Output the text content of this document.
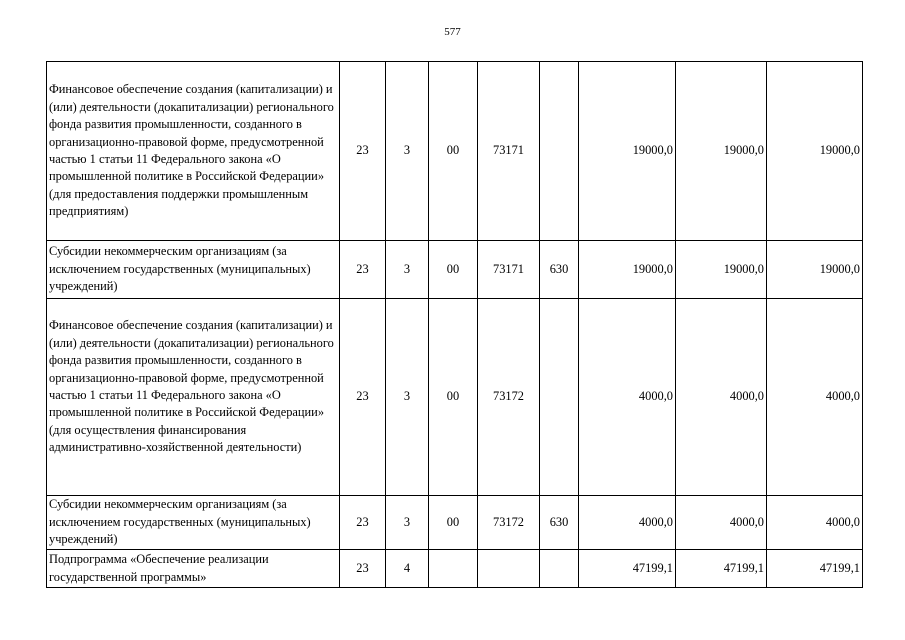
577
Финансовое обеспечение создания (капитализации) и (или) деятельности (докапитализации) регионального фонда развития промышленности, созданного в организационно-правовой форме, предусмотренной частью 1 статьи 11 Федерального закона «О промышленной политике в Российской Федерации» (для предоставления поддержки промышленным предприятиям)	23	3	00	73171		19000,0	19000,0	19000,0
Субсидии некоммерческим организациям (за исключением государственных (муниципальных) учреждений)	23	3	00	73171	630	19000,0	19000,0	19000,0
Финансовое обеспечение создания (капитализации) и (или) деятельности (докапитализации) регионального фонда развития промышленности, созданного в организационно-правовой форме, предусмотренной частью 1 статьи 11 Федерального закона «О промышленной политике в Российской Федерации» (для осуществления финансирования административно-хозяйственной деятельности)	23	3	00	73172		4000,0	4000,0	4000,0
Субсидии некоммерческим организациям (за исключением государственных (муниципальных) учреждений)	23	3	00	73172	630	4000,0	4000,0	4000,0
Подпрограмма «Обеспечение реализации государственной программы»	23	4				47199,1	47199,1	47199,1
